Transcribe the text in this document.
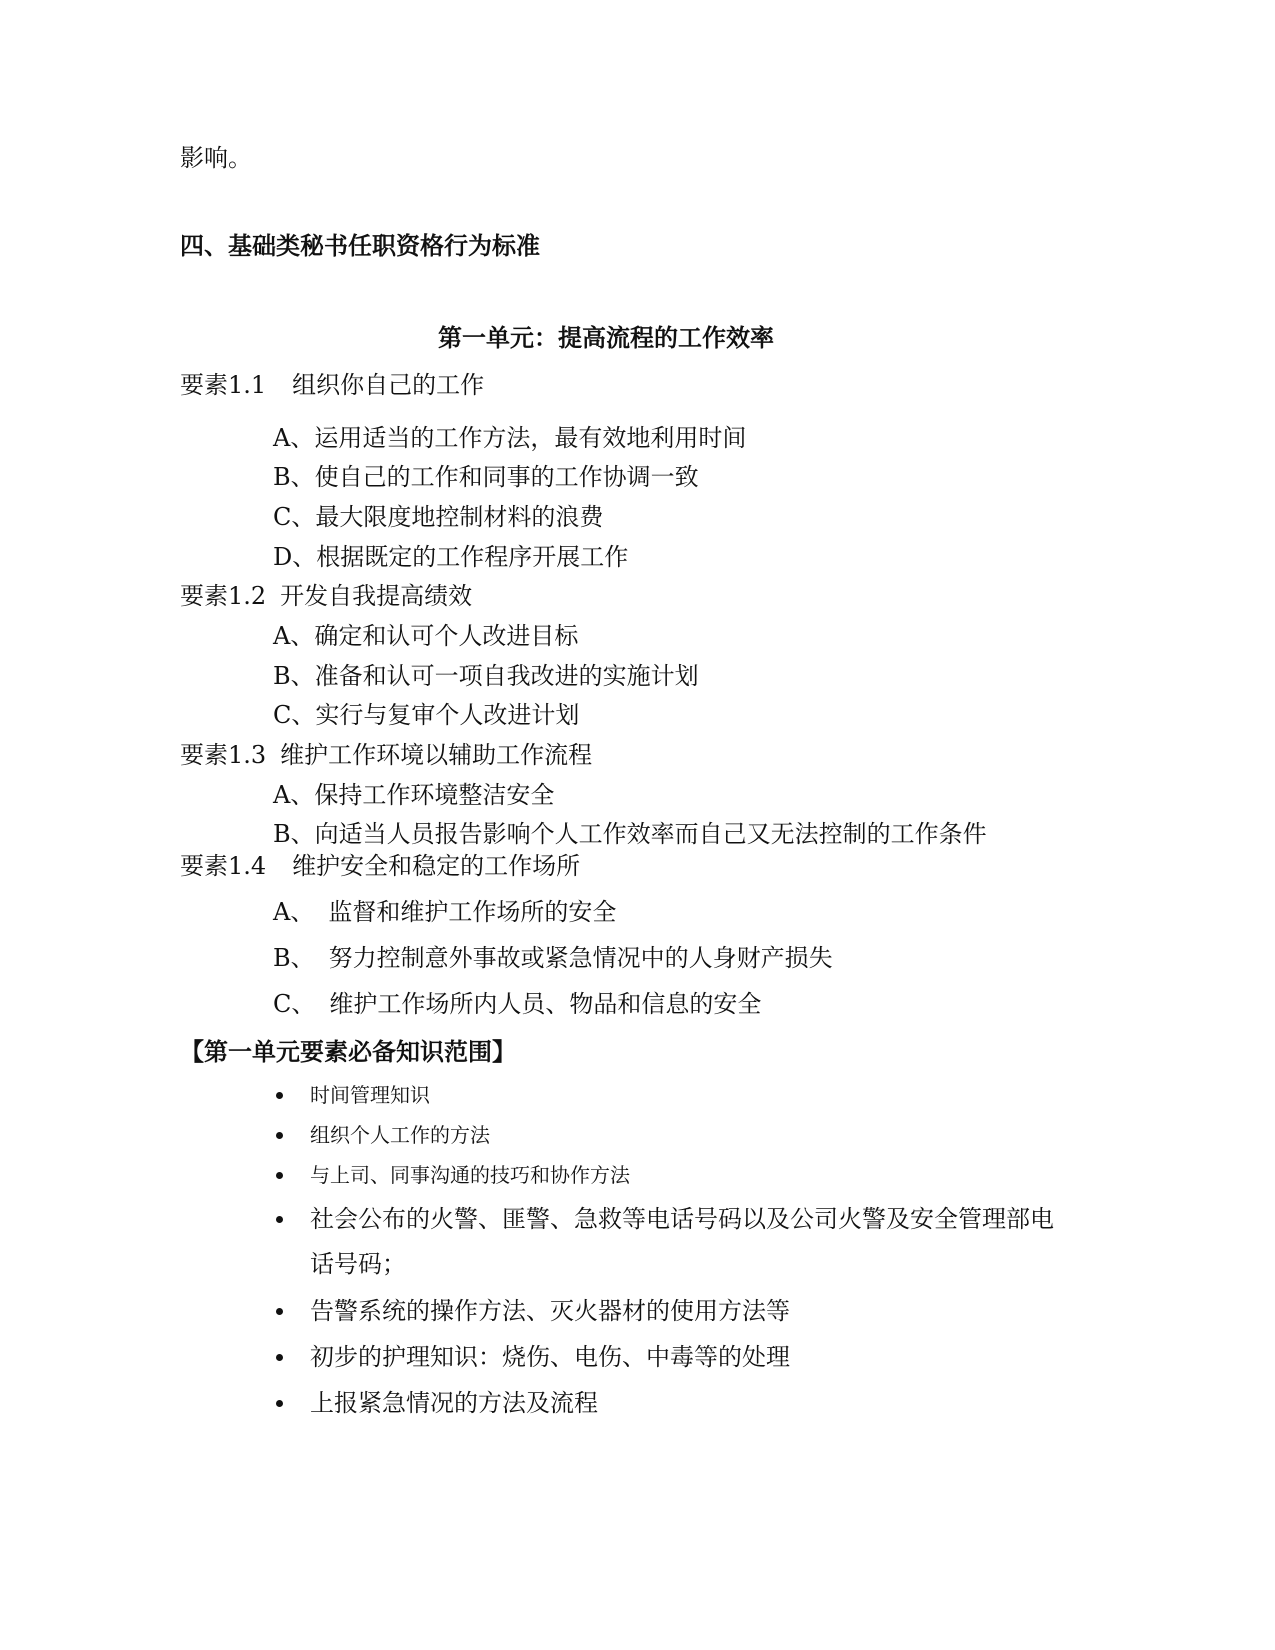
影响。
四、基础类秘书任职资格行为标准
第一单元：提高流程的工作效率
要素1.1 组织你自己的工作
A、运用适当的工作方法，最有效地利用时间
B、使自己的工作和同事的工作协调一致
C、最大限度地控制材料的浪费
D、根据既定的工作程序开展工作
要素1.2 开发自我提高绩效
A、确定和认可个人改进目标
B、准备和认可一项自我改进的实施计划
C、实行与复审个人改进计划
要素1.3 维护工作环境以辅助工作流程
A、保持工作环境整洁安全
B、向适当人员报告影响个人工作效率而自己又无法控制的工作条件
要素1.4 维护安全和稳定的工作场所
A、 监督和维护工作场所的安全
B、 努力控制意外事故或紧急情况中的人身财产损失
C、 维护工作场所内人员、物品和信息的安全
【第一单元要素必备知识范围】
时间管理知识
组织个人工作的方法
与上司、同事沟通的技巧和协作方法
社会公布的火警、匪警、急救等电话号码以及公司火警及安全管理部电
话号码；
告警系统的操作方法、灭火器材的使用方法等
初步的护理知识：烧伤、电伤、中毒等的处理
上报紧急情况的方法及流程
